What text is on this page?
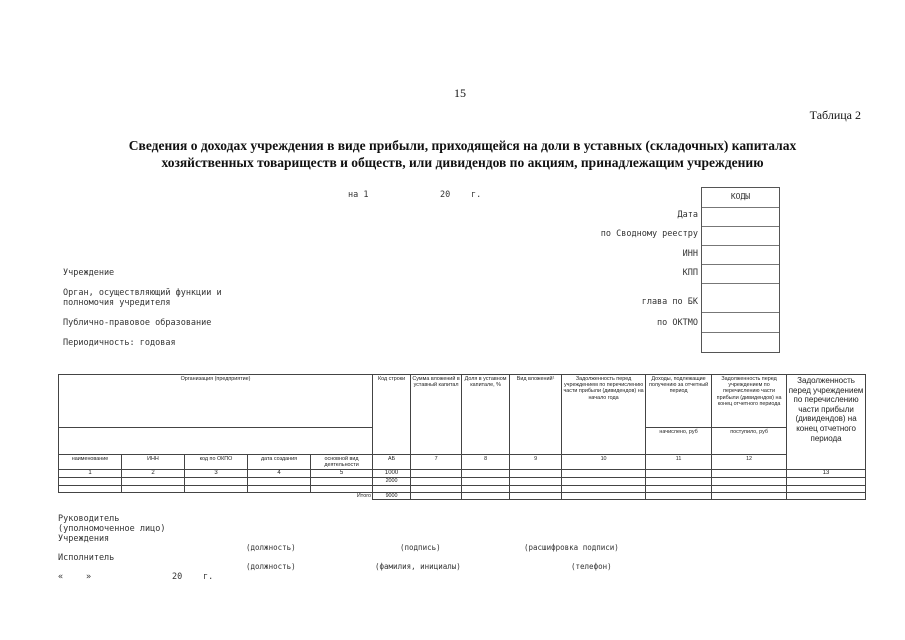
15
Таблица 2
Сведения о доходах учреждения в виде прибыли, приходящейся на доли в уставных (складочных) капиталах
хозяйственных товариществ и обществ, или дивидендов по акциям, принадлежащим учреждению
на 1	20 г.	КОДЫ
Дата
по Сводному реестру
ИНН
КПП
глава по БК
по ОКТМО
Учреждение
Орган, осуществляющий функции и
полномочия учредителя
Публично-правовое образование
Периодичность: годовая
Организация (предприятие)					Код строки	Сумма вложений в уставный капитал	Доля в уставном капитале, %	Вид вложений¹	Задолженность перед учреждением по перечислению части прибыли (дивидендов) на начало года	Доходы, подлежащие получению за отчетный период	Задолженность перед учреждением по перечислению части прибыли (дивидендов) на конец отчетного периода	Задолженность перед учреждением по перечислению части прибыли (дивидендов) на конец отчетного периода
										начислено, руб	поступило, руб	
наименование	ИНН	код по ОКПО	дата создания	основной вид деятельности	АБ	7	8	9	10	11	12	
1	2	3	4	5	1000							13
					2000							

				Итого	9000							
Руководитель
(уполномоченное лицо)
Учреждения
(должность)	(подпись)	(расшифровка подписи)
Исполнитель
(должность)	(фамилия, инициалы)	(телефон)
«	»	20 г.
